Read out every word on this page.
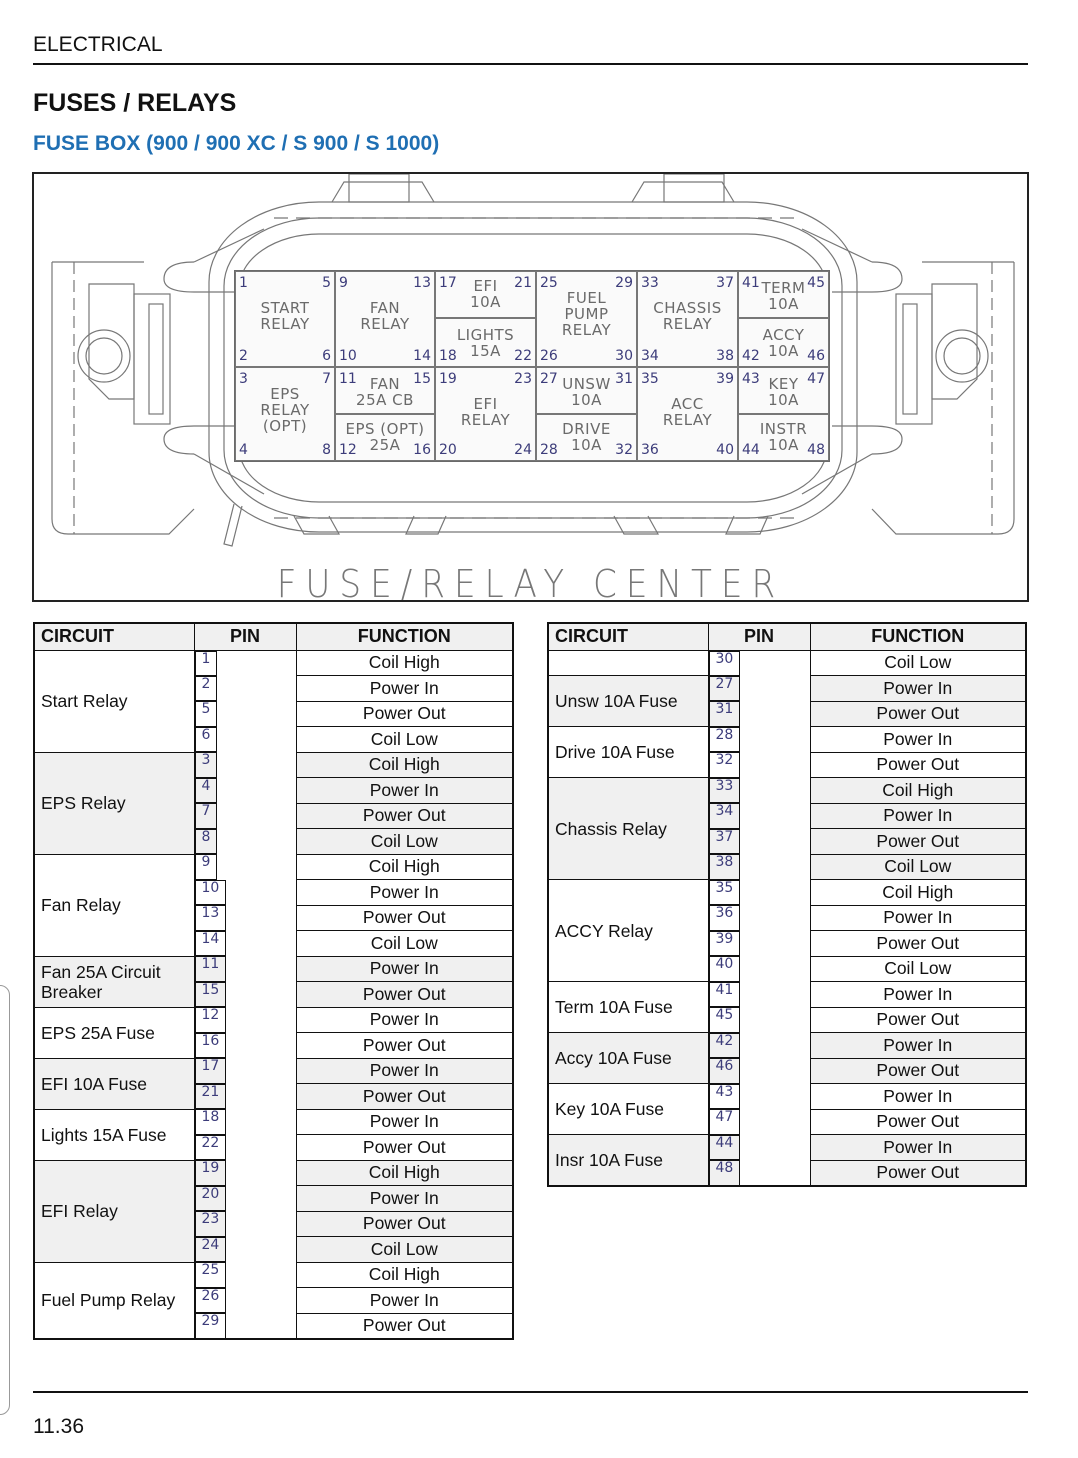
ELECTRICAL
FUSES / RELAYS
FUSE BOX (900 / 900 XC / S 900 / S 1000)
1	5
2	6
START
RELAY
9	13
10	14
FAN
RELAY
17	21
EFI
10A
18	22
LIGHTS
15A
25	29
26	30
FUEL
PUMP
RELAY
33	37
34	38
CHASSIS
RELAY
41	45
TERM
10A
42	46
ACCY
10A
3	7
4	8
EPS
RELAY
(OPT)
11	15
FAN
25A CB
12	16
EPS (OPT)
25A
19	23
20	24
EFI
RELAY
27	31
UNSW
10A
28	32
DRIVE
10A
35	39
36	40
ACC
RELAY
43	47
KEY
10A
44	48
INSTR
10A
FUSE/RELAY CENTER
CIRCUIT	PIN	FUNCTION
Start Relay	
1	Coil High

2	Power In

5	Power Out

6	Coil Low
EPS Relay	
3	Coil High

4	Power In

7	Power Out

8	Coil Low
Fan Relay	
9	Coil High

10	Power In

13	Power Out

14	Coil Low
Fan 25A Circuit Breaker	
11	Power In

15	Power Out
EPS 25A Fuse	
12	Power In

16	Power Out
EFI 10A Fuse	
17	Power In

21	Power Out
Lights 15A Fuse	
18	Power In

22	Power Out
EFI Relay	
19	Coil High

20	Power In

23	Power Out

24	Coil Low
Fuel Pump Relay	
25	Coil High

26	Power In

29	Power Out
CIRCUIT	PIN	FUNCTION

30	Coil Low
Unsw 10A Fuse	
27	Power In

31	Power Out
Drive 10A Fuse	
28	Power In

32	Power Out
Chassis Relay	
33	Coil High

34	Power In

37	Power Out

38	Coil Low
ACCY Relay	
35	Coil High

36	Power In

39	Power Out

40	Coil Low
Term 10A Fuse	
41	Power In

45	Power Out
Accy 10A Fuse	
42	Power In

46	Power Out
Key 10A Fuse	
43	Power In

47	Power Out
Insr 10A Fuse	
44	Power In

48	Power Out
11.36
